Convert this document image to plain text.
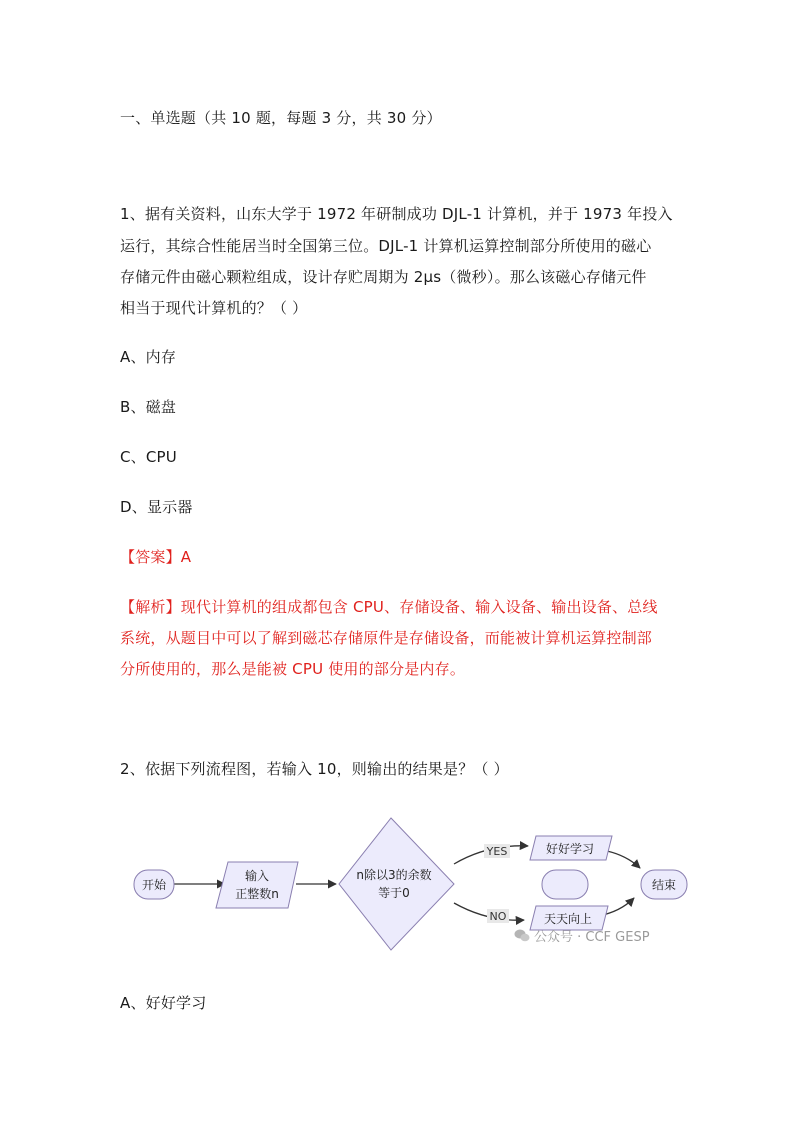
一、单选题（共 10 题，每题 3 分，共 30 分）
1、据有关资料，山东大学于 1972 年研制成功 DJL-1 计算机，并于 1973 年投入
运行，其综合性能居当时全国第三位。DJL-1 计算机运算控制部分所使用的磁心
存储元件由磁心颗粒组成，设计存贮周期为 2μs（微秒）。那么该磁心存储元件
相当于现代计算机的？（ ）
A、内存
B、磁盘
C、CPU
D、显示器
【答案】A
【解析】现代计算机的组成都包含 CPU、存储设备、输入设备、输出设备、总线
系统，从题目中可以了解到磁芯存储原件是存储设备，而能被计算机运算控制部
分所使用的，那么是能被 CPU 使用的部分是内存。
2、依据下列流程图，若输入 10，则输出的结果是？（ ）
YES
NO
开始
输入
正整数n
n除以3的余数
等于0
好好学习
天天向上
结束
公众号 · CCF GESP
A、好好学习
